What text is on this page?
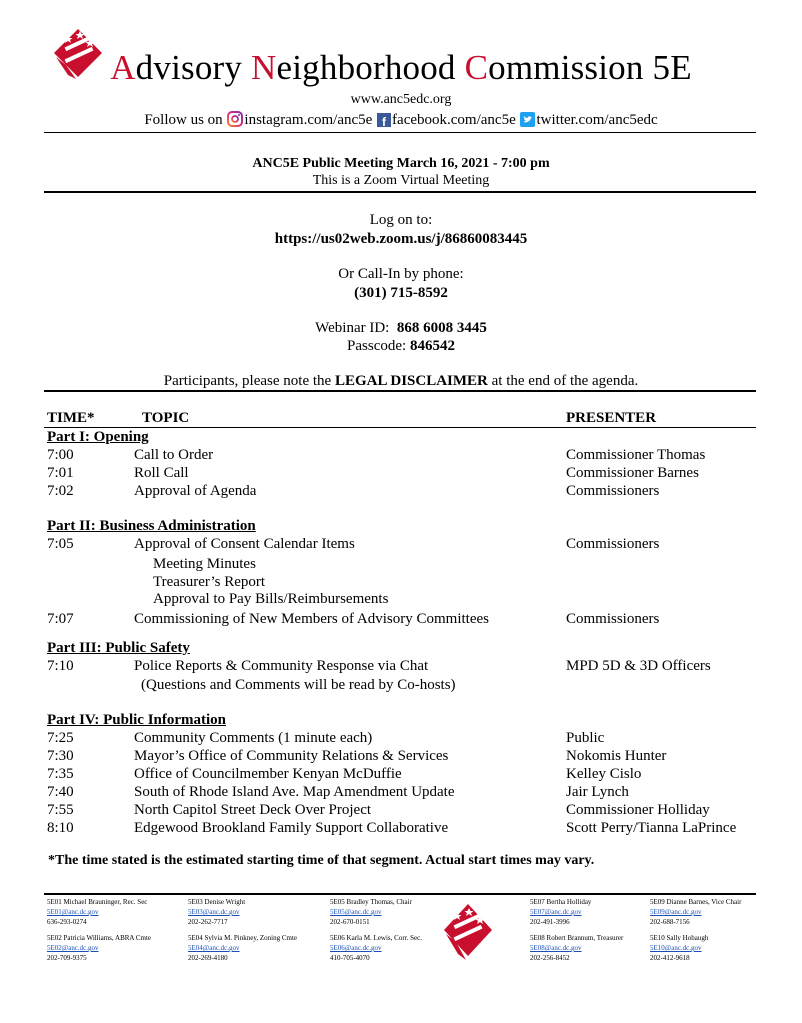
Advisory Neighborhood Commission 5E
www.anc5edc.org
Follow us on instagram.com/anc5e f facebook.com/anc5e twitter.com/anc5edc
ANC5E Public Meeting March 16, 2021 - 7:00 pm
This is a Zoom Virtual Meeting
Log on to:
https://us02web.zoom.us/j/86860083445
Or Call-In by phone:
(301) 715-8592
Webinar ID: 868 6008 3445
Passcode: 846542
Participants, please note the LEGAL DISCLAIMER at the end of the agenda.
TIME*	TOPIC	PRESENTER
Part I: Opening
7:00	Call to Order	Commissioner Thomas
7:01	Roll Call	Commissioner Barnes
7:02	Approval of Agenda	Commissioners
Part II: Business Administration
7:05	Approval of Consent Calendar Items	Commissioners
Meeting Minutes
Treasurer’s Report
Approval to Pay Bills/Reimbursements
7:07	Commissioning of New Members of Advisory Committees	Commissioners
Part III: Public Safety
7:10	Police Reports & Community Response via Chat	MPD 5D & 3D Officers
(Questions and Comments will be read by Co-hosts)
Part IV: Public Information
7:25	Community Comments (1 minute each)	Public
7:30	Mayor’s Office of Community Relations & Services	Nokomis Hunter
7:35	Office of Councilmember Kenyan McDuffie	Kelley Cislo
7:40	South of Rhode Island Ave. Map Amendment Update	Jair Lynch
7:55	North Capitol Street Deck Over Project	Commissioner Holliday
8:10	Edgewood Brookland Family Support Collaborative	Scott Perry/Tianna LaPrince
*The time stated is the estimated starting time of that segment. Actual start times may vary.
5E01 Michael Brauninger, Rec. Sec
5E01@anc.dc.gov
636-293-0274
5E03 Denise Wright
5E03@anc.dc.gov
202-262-7717
5E05 Bradley Thomas, Chair
5E05@anc.dc.gov
202-670-0151
5E07 Bertha Holliday
5E07@anc.dc.gov
202-491-3996
5E09 Dianne Barnes, Vice Chair
5E09@anc.dc.gov
202-688-7156
5E02 Patricia Williams, ABRA Cmte
5E02@anc.dc.gov
202-709-9375
5E04 Sylvia M. Pinkney, Zoning Cmte
5E04@anc.dc.gov
202-269-4180
5E06 Karla M. Lewis, Corr. Sec.
5E06@anc.dc.gov
410-705-4070
5E08 Robert Brannum, Treasurer
5E08@anc.dc.gov
202-256-8452
5E10 Sally Hobaugh
5E10@anc.dc.gov
202-412-9618
